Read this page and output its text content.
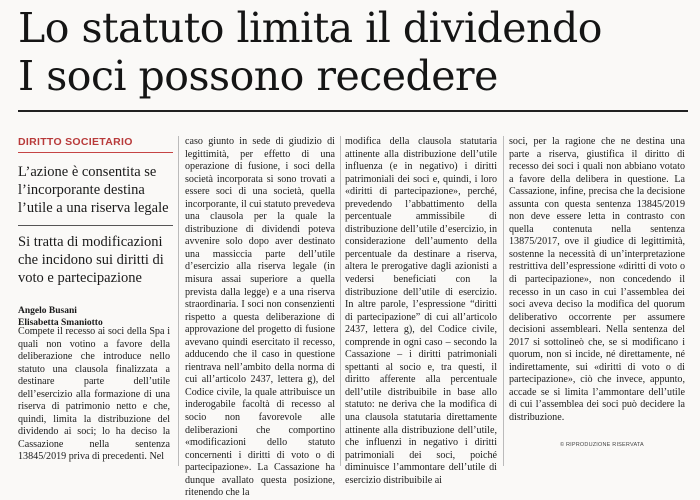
Lo statuto limita il dividendo
I soci possono recedere
DIRITTO SOCIETARIO

L’azione è consentita se l’incorporante destina l’utile a una riserva legale

Si tratta di modificazioni che incidono sui diritti di voto e partecipazione

Angelo Busani
Elisabetta Smaniotto

Compete il recesso ai soci della Spa i quali non votino a favore della deliberazione che introduce nello statuto una clausola finalizzata a destinare parte dell’utile dell’esercizio alla formazione di una riserva di patrimonio netto e che, quindi, limita la distribuzione del dividendo ai soci; lo ha deciso la Cassazione nella sentenza 13845/2019 priva di precedenti. Nel

caso giunto in sede di giudizio di legittimità, per effetto di una operazione di fusione, i soci della società incorporata si sono trovati a essere soci di una società, quella incorporante, il cui statuto prevedeva una clausola per la quale la distribuzione di dividendi poteva avvenire solo dopo aver destinato una massiccia parte dell’utile d’esercizio alla riserva legale (in misura assai superiore a quella prevista dalla legge) e a una riserva straordinaria. I soci non consenzienti rispetto a questa deliberazione di approvazione del progetto di fusione avevano quindi esercitato il recesso, adducendo che il caso in questione rientrava nell’ambito della norma di cui all’articolo 2437, lettera g), del Codice civile, la quale attribuisce un inderogabile facoltà di recesso al socio non favorevole alle deliberazioni che comportino «modificazioni dello statuto concernenti i diritti di voto o di partecipazione». La Cassazione ha dunque avallato questa posizione, ritenendo che la

modifica della clausola statutaria attinente alla distribuzione dell’utile influenza (e in negativo) i diritti patrimoniali dei soci e, quindi, i loro «diritti di partecipazione», perché, prevedendo l’abbattimento della percentuale ammissibile di distribuzione dell’utile d’esercizio, in considerazione dell’aumento della percentuale da destinare a riserva, altera le prerogative dagli azionisti a vedersi beneficiati con la distribuzione dell’utile di esercizio. In altre parole, l’espressione “diritti di partecipazione” di cui all’articolo 2437, lettera g), del Codice civile, comprende in ogni caso – secondo la Cassazione – i diritti patrimoniali spettanti al socio e, tra questi, il diritto afferente alla percentuale dell’utile distribuibile in base allo statuto: ne deriva che la modifica di una clausola statutaria direttamente attinente alla distribuzione dell’utile, che influenzi in negativo i diritti patrimoniali dei soci, poiché diminuisce l’ammontare dell’utile di esercizio distribuibile ai

soci, per la ragione che ne destina una parte a riserva, giustifica il diritto di recesso dei soci i quali non abbiano votato a favore della delibera in questione. La Cassazione, infine, precisa che la decisione assunta con questa sentenza 13845/2019 non deve essere letta in contrasto con quella contenuta nella sentenza 13875/2017, ove il giudice di legittimità, sostenne la necessità di un’interpretazione restrittiva dell’espressione «diritti di voto o di partecipazione», non concedendo il recesso in un caso in cui l’assemblea dei soci aveva deciso la modifica del quorum deliberativo occorrente per assumere decisioni assembleari. Nella sentenza del 2017 si sottolineò che, se si modificano i quorum, non si incide, né direttamente, né indirettamente, sui «diritti di voto o di partecipazione», ciò che invece, appunto, accade se si limita l’ammontare dell’utile di cui l’assemblea dei soci può decidere la distribuzione.

© RIPRODUZIONE RISERVATA
